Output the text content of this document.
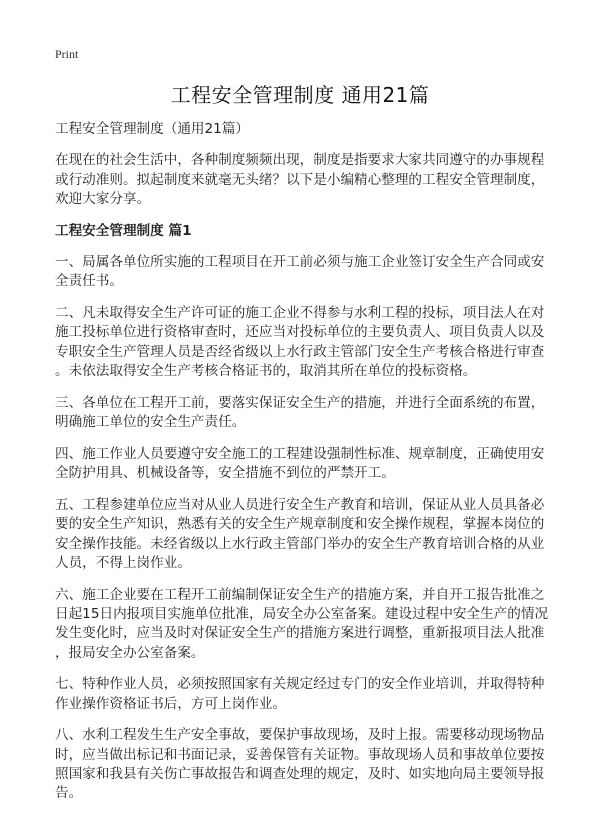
Print
工程安全管理制度 通用21篇
工程安全管理制度（通用21篇）
在现在的社会生活中，各种制度频频出现，制度是指要求大家共同遵守的办事规程
或行动准则。拟起制度来就毫无头绪？以下是小编精心整理的工程安全管理制度，
欢迎大家分享。
工程安全管理制度 篇1
一、局属各单位所实施的工程项目在开工前必须与施工企业签订安全生产合同或安
全责任书。
二、凡未取得安全生产许可证的施工企业不得参与水利工程的投标，项目法人在对
施工投标单位进行资格审查时，还应当对投标单位的主要负责人、项目负责人以及
专职安全生产管理人员是否经省级以上水行政主管部门安全生产考核合格进行审查
。未依法取得安全生产考核合格证书的，取消其所在单位的投标资格。
三、各单位在工程开工前，要落实保证安全生产的措施，并进行全面系统的布置，
明确施工单位的安全生产责任。
四、施工作业人员要遵守安全施工的工程建设强制性标准、规章制度，正确使用安
全防护用具、机械设备等，安全措施不到位的严禁开工。
五、工程参建单位应当对从业人员进行安全生产教育和培训，保证从业人员具备必
要的安全生产知识，熟悉有关的安全生产规章制度和安全操作规程，掌握本岗位的
安全操作技能。未经省级以上水行政主管部门举办的安全生产教育培训合格的从业
人员，不得上岗作业。
六、施工企业要在工程开工前编制保证安全生产的措施方案，并自开工报告批准之
日起15日内报项目实施单位批准，局安全办公室备案。建设过程中安全生产的情况
发生变化时，应当及时对保证安全生产的措施方案进行调整，重新报项目法人批准
，报局安全办公室备案。
七、特种作业人员，必须按照国家有关规定经过专门的安全作业培训，并取得特种
作业操作资格证书后，方可上岗作业。
八、水利工程发生生产安全事故，要保护事故现场，及时上报。需要移动现场物品
时，应当做出标记和书面记录，妥善保管有关证物。事故现场人员和事故单位要按
照国家和我县有关伤亡事故报告和调查处理的规定，及时、如实地向局主要领导报
告。
